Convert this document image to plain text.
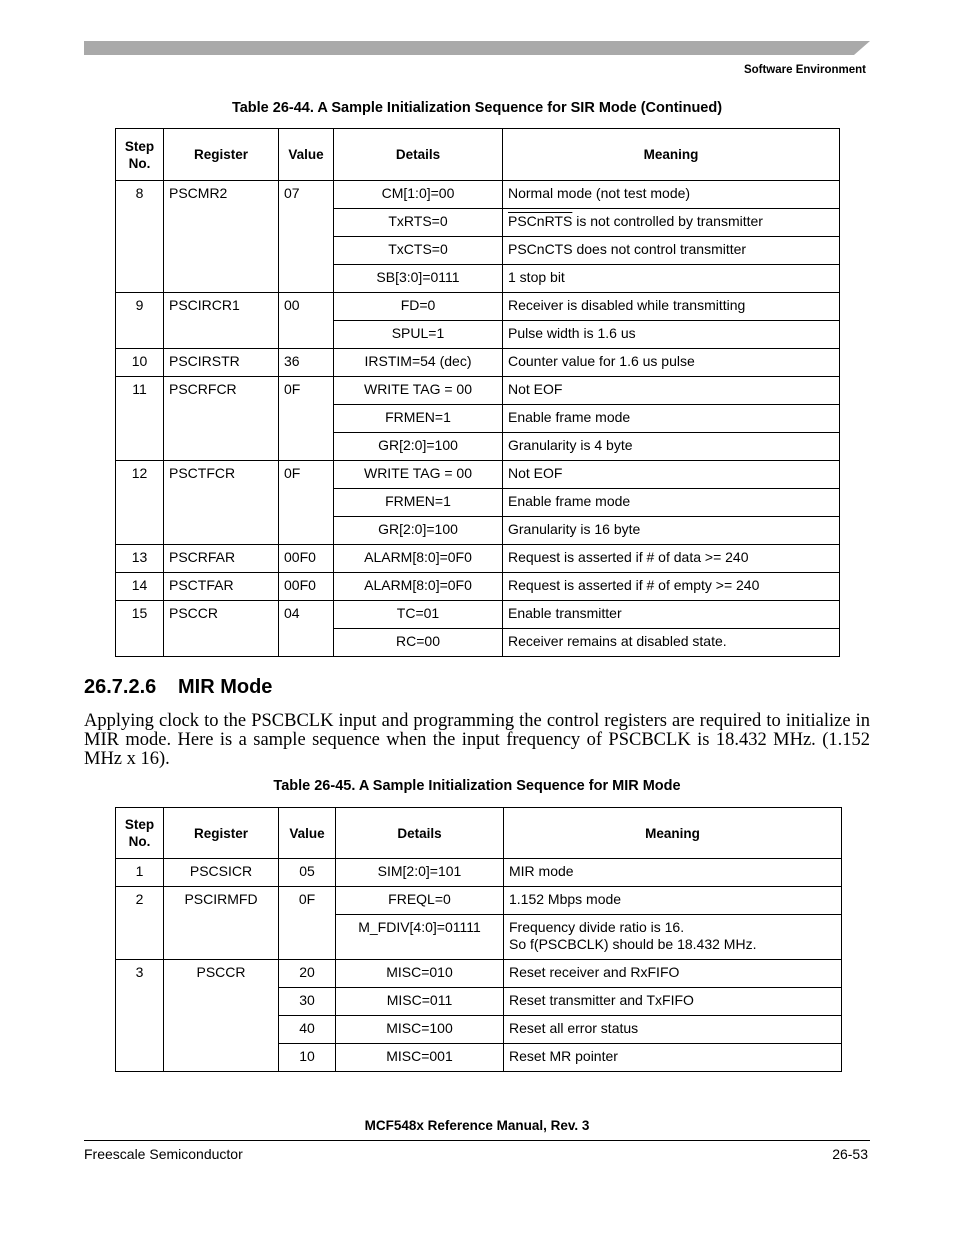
Software Environment
Table 26-44. A Sample Initialization Sequence for SIR Mode (Continued)
Step
No.	Register	Value	Details	Meaning
8	PSCMR2	07	CM[1:0]=00	Normal mode (not test mode)
			TxRTS=0	PSCnRTS is not controlled by transmitter
			TxCTS=0	PSCnCTS does not control transmitter
			SB[3:0]=0111	1 stop bit
9	PSCIRCR1	00	FD=0	Receiver is disabled while transmitting
			SPUL=1	Pulse width is 1.6 us
10	PSCIRSTR	36	IRSTIM=54 (dec)	Counter value for 1.6 us pulse
11	PSCRFCR	0F	WRITE TAG = 00	Not EOF
			FRMEN=1	Enable frame mode
			GR[2:0]=100	Granularity is 4 byte
12	PSCTFCR	0F	WRITE TAG = 00	Not EOF
			FRMEN=1	Enable frame mode
			GR[2:0]=100	Granularity is 16 byte
13	PSCRFAR	00F0	ALARM[8:0]=0F0	Request is asserted if # of data >= 240
14	PSCTFAR	00F0	ALARM[8:0]=0F0	Request is asserted if # of empty >= 240
15	PSCCR	04	TC=01	Enable transmitter
			RC=00	Receiver remains at disabled state.
26.7.2.6 MIR Mode
Applying clock to the PSCBCLK input and programming the control registers are required to initialize in MIR mode. Here is a sample sequence when the input frequency of PSCBCLK is 18.432 MHz. (1.152 MHz x 16).
Table 26-45. A Sample Initialization Sequence for MIR Mode
Step
No.	Register	Value	Details	Meaning
1	PSCSICR	05	SIM[2:0]=101	MIR mode
2	PSCIRMFD	0F	FREQL=0	1.152 Mbps mode
			M_FDIV[4:0]=01111	Frequency divide ratio is 16.
So f(PSCBCLK) should be 18.432 MHz.
3	PSCCR	20	MISC=010	Reset receiver and RxFIFO
		30	MISC=011	Reset transmitter and TxFIFO
		40	MISC=100	Reset all error status
		10	MISC=001	Reset MR pointer
MCF548x Reference Manual, Rev. 3
Freescale Semiconductor	26-53
